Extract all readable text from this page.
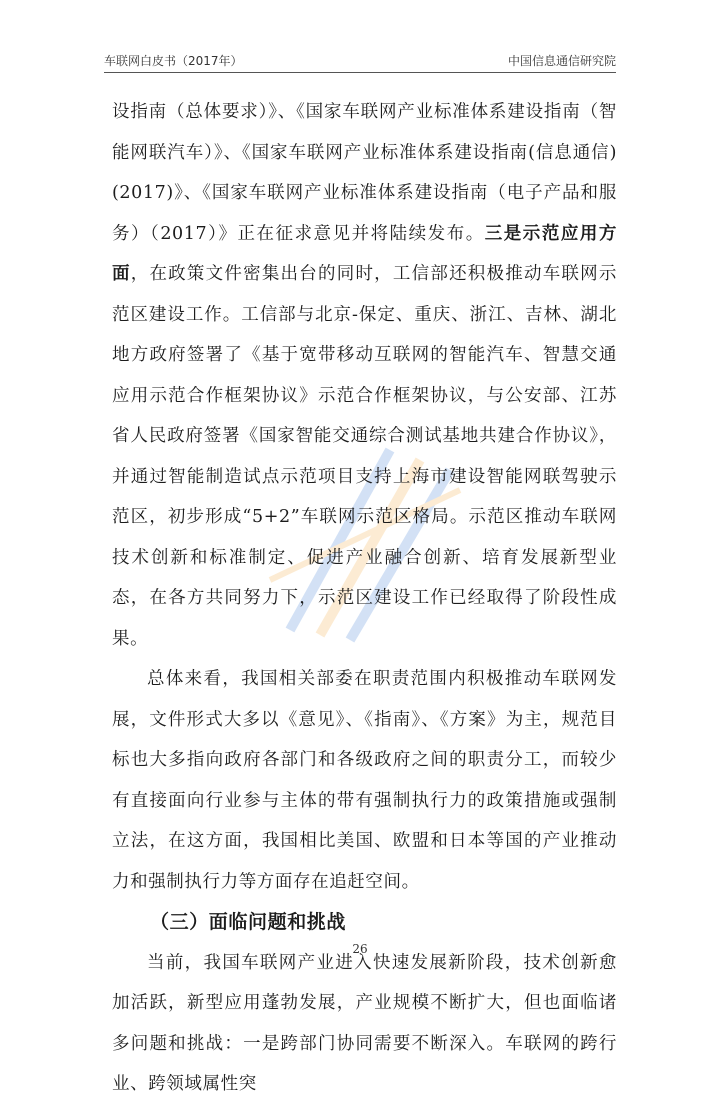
车联网白皮书（2017年）	中国信息通信研究院

设指南（总体要求）》、《国家车联网产业标准体系建设指南（智能网联汽车）》、《国家车联网产业标准体系建设指南(信息通信)(2017)》、《国家车联网产业标准体系建设指南（电子产品和服务）（2017）》正在征求意见并将陆续发布。三是示范应用方面，在政策文件密集出台的同时，工信部还积极推动车联网示范区建设工作。工信部与北京-保定、重庆、浙江、吉林、湖北地方政府签署了《基于宽带移动互联网的智能汽车、智慧交通应用示范合作框架协议》示范合作框架协议，与公安部、江苏省人民政府签署《国家智能交通综合测试基地共建合作协议》，并通过智能制造试点示范项目支持上海市建设智能网联驾驶示范区，初步形成“5+2”车联网示范区格局。示范区推动车联网技术创新和标准制定、促进产业融合创新、培育发展新型业态，在各方共同努力下，示范区建设工作已经取得了阶段性成果。

总体来看，我国相关部委在职责范围内积极推动车联网发展，文件形式大多以《意见》、《指南》、《方案》为主，规范目标也大多指向政府各部门和各级政府之间的职责分工，而较少有直接面向行业参与主体的带有强制执行力的政策措施或强制立法，在这方面，我国相比美国、欧盟和日本等国的产业推动力和强制执行力等方面存在追赶空间。

（三）面临问题和挑战

当前，我国车联网产业进入快速发展新阶段，技术创新愈加活跃，新型应用蓬勃发展，产业规模不断扩大，但也面临诸多问题和挑战：一是跨部门协同需要不断深入。车联网的跨行业、跨领域属性突

26
